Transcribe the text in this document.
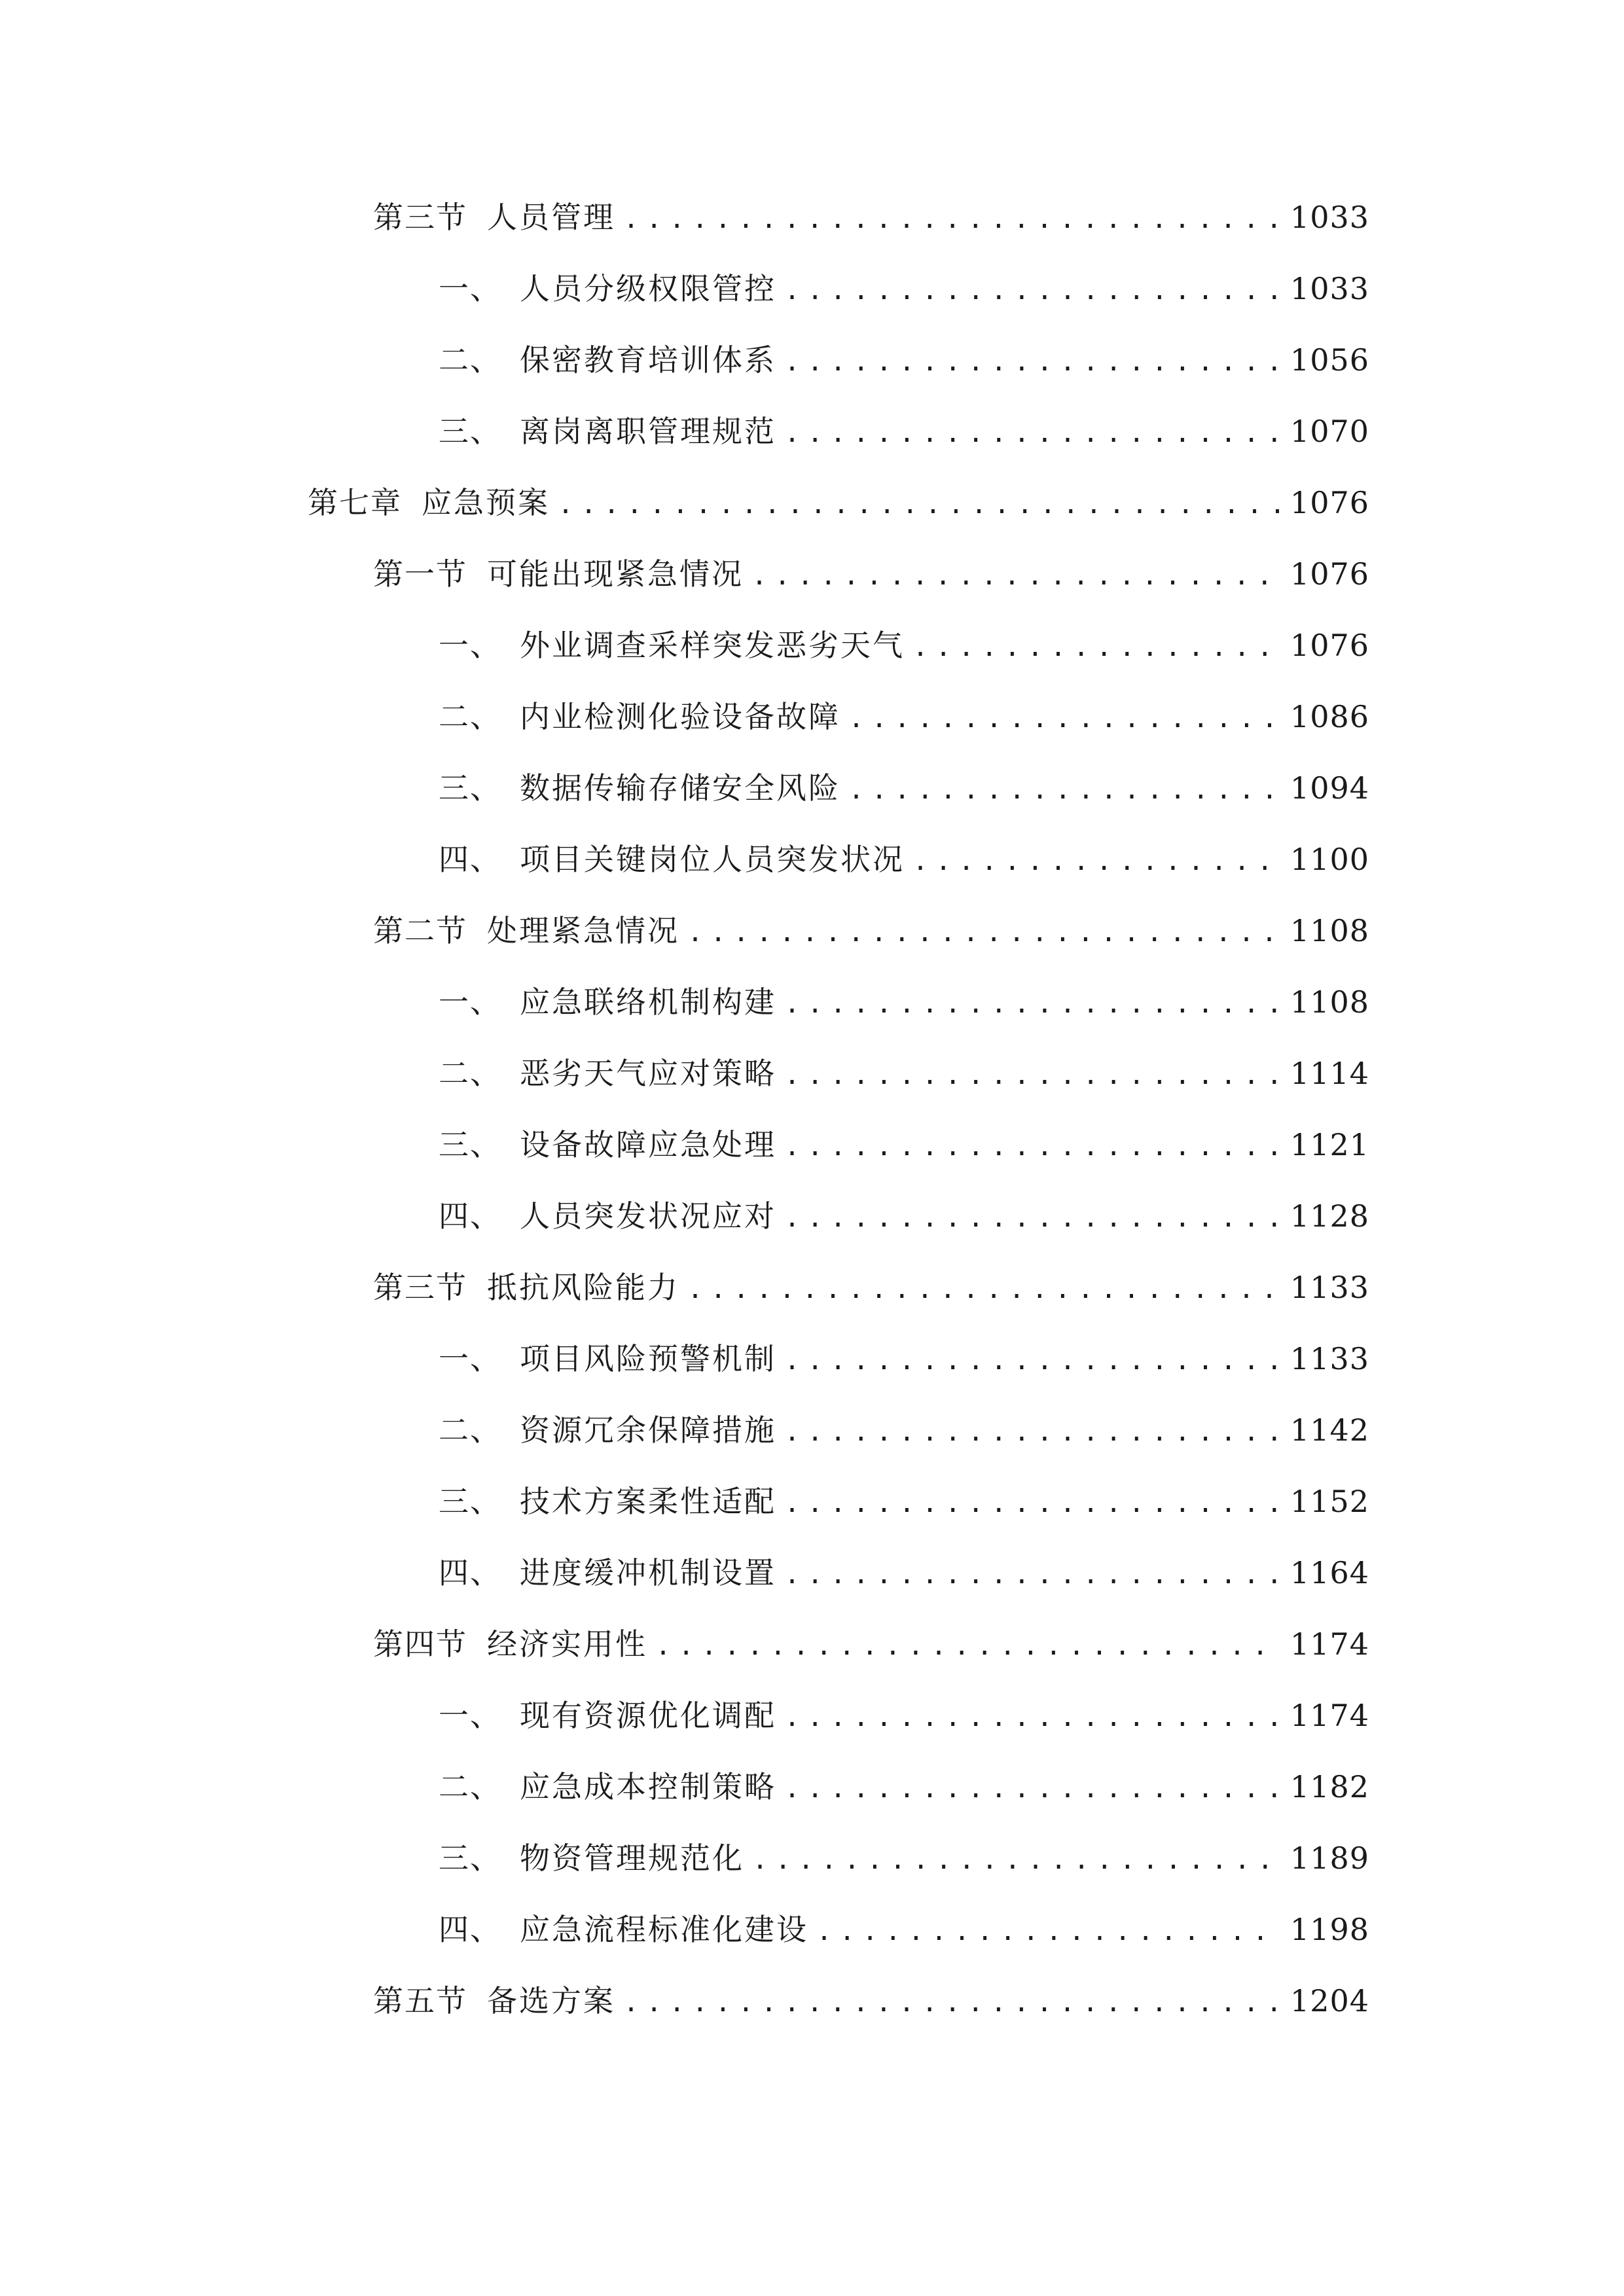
第三节 人员管理 .....	1033
一、 人员分级权限管控 .....	1033
二、 保密教育培训体系 .....	1056
三、 离岗离职管理规范 .....	1070
第七章 应急预案 .....	1076
第一节 可能出现紧急情况 .....	1076
一、 外业调查采样突发恶劣天气 .....	1076
二、 内业检测化验设备故障 .....	1086
三、 数据传输存储安全风险 .....	1094
四、 项目关键岗位人员突发状况 .....	1100
第二节 处理紧急情况 .....	1108
一、 应急联络机制构建 .....	1108
二、 恶劣天气应对策略 .....	1114
三、 设备故障应急处理 .....	1121
四、 人员突发状况应对 .....	1128
第三节 抵抗风险能力 .....	1133
一、 项目风险预警机制 .....	1133
二、 资源冗余保障措施 .....	1142
三、 技术方案柔性适配 .....	1152
四、 进度缓冲机制设置 .....	1164
第四节 经济实用性 .....	1174
一、 现有资源优化调配 .....	1174
二、 应急成本控制策略 .....	1182
三、 物资管理规范化 .....	1189
四、 应急流程标准化建设 .....	1198
第五节 备选方案 .....	1204
